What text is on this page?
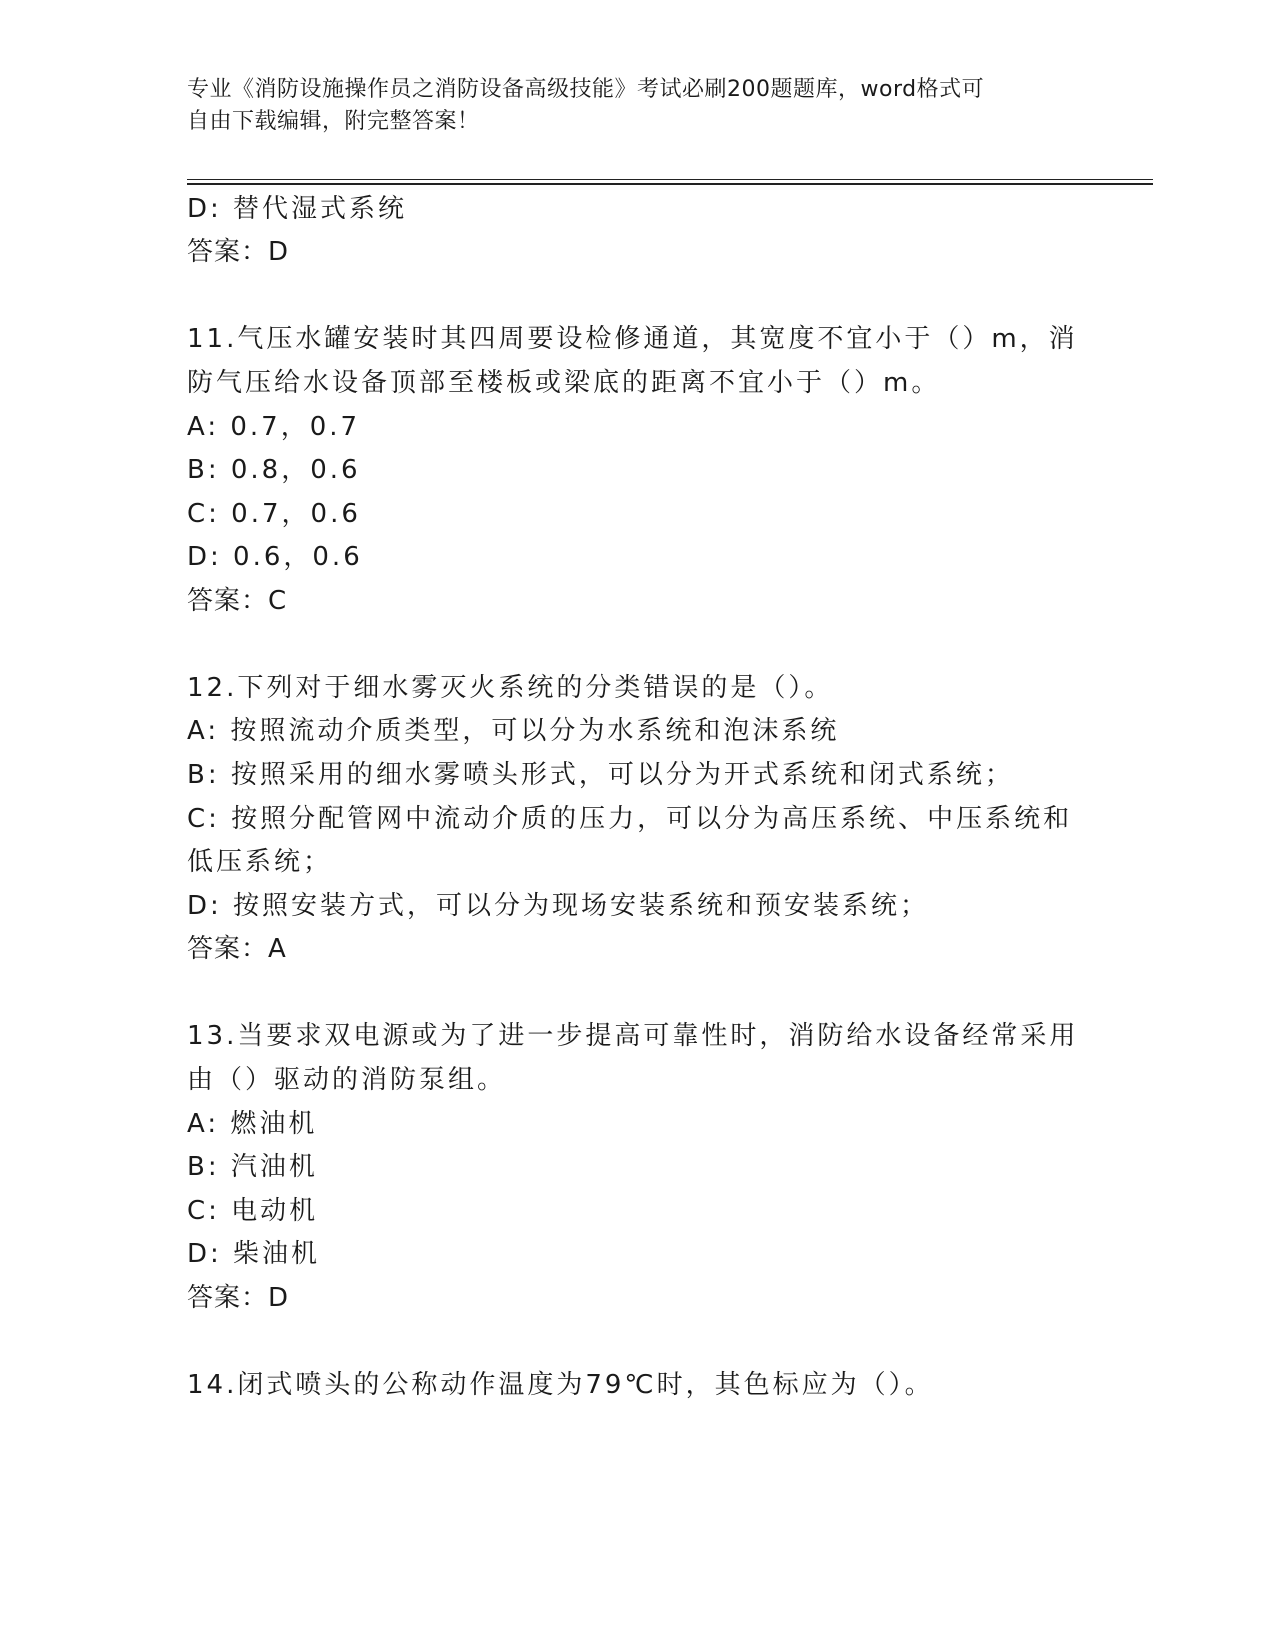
专业《消防设施操作员之消防设备高级技能》考试必刷200题题库，word格式可
自由下载编辑，附完整答案！
D: 替代湿式系统
答案：D
11.气压水罐安装时其四周要设检修通道，其宽度不宜小于（）m，消
防气压给水设备顶部至楼板或梁底的距离不宜小于（）m。
A: 0.7，0.7
B: 0.8，0.6
C: 0.7，0.6
D: 0.6，0.6
答案：C
12.下列对于细水雾灭火系统的分类错误的是（）。
A: 按照流动介质类型，可以分为水系统和泡沫系统
B: 按照采用的细水雾喷头形式，可以分为开式系统和闭式系统；
C: 按照分配管网中流动介质的压力，可以分为高压系统、中压系统和
低压系统；
D: 按照安装方式，可以分为现场安装系统和预安装系统；
答案：A
13.当要求双电源或为了进一步提高可靠性时，消防给水设备经常采用
由（）驱动的消防泵组。
A: 燃油机
B: 汽油机
C: 电动机
D: 柴油机
答案：D
14.闭式喷头的公称动作温度为79℃时，其色标应为（）。
